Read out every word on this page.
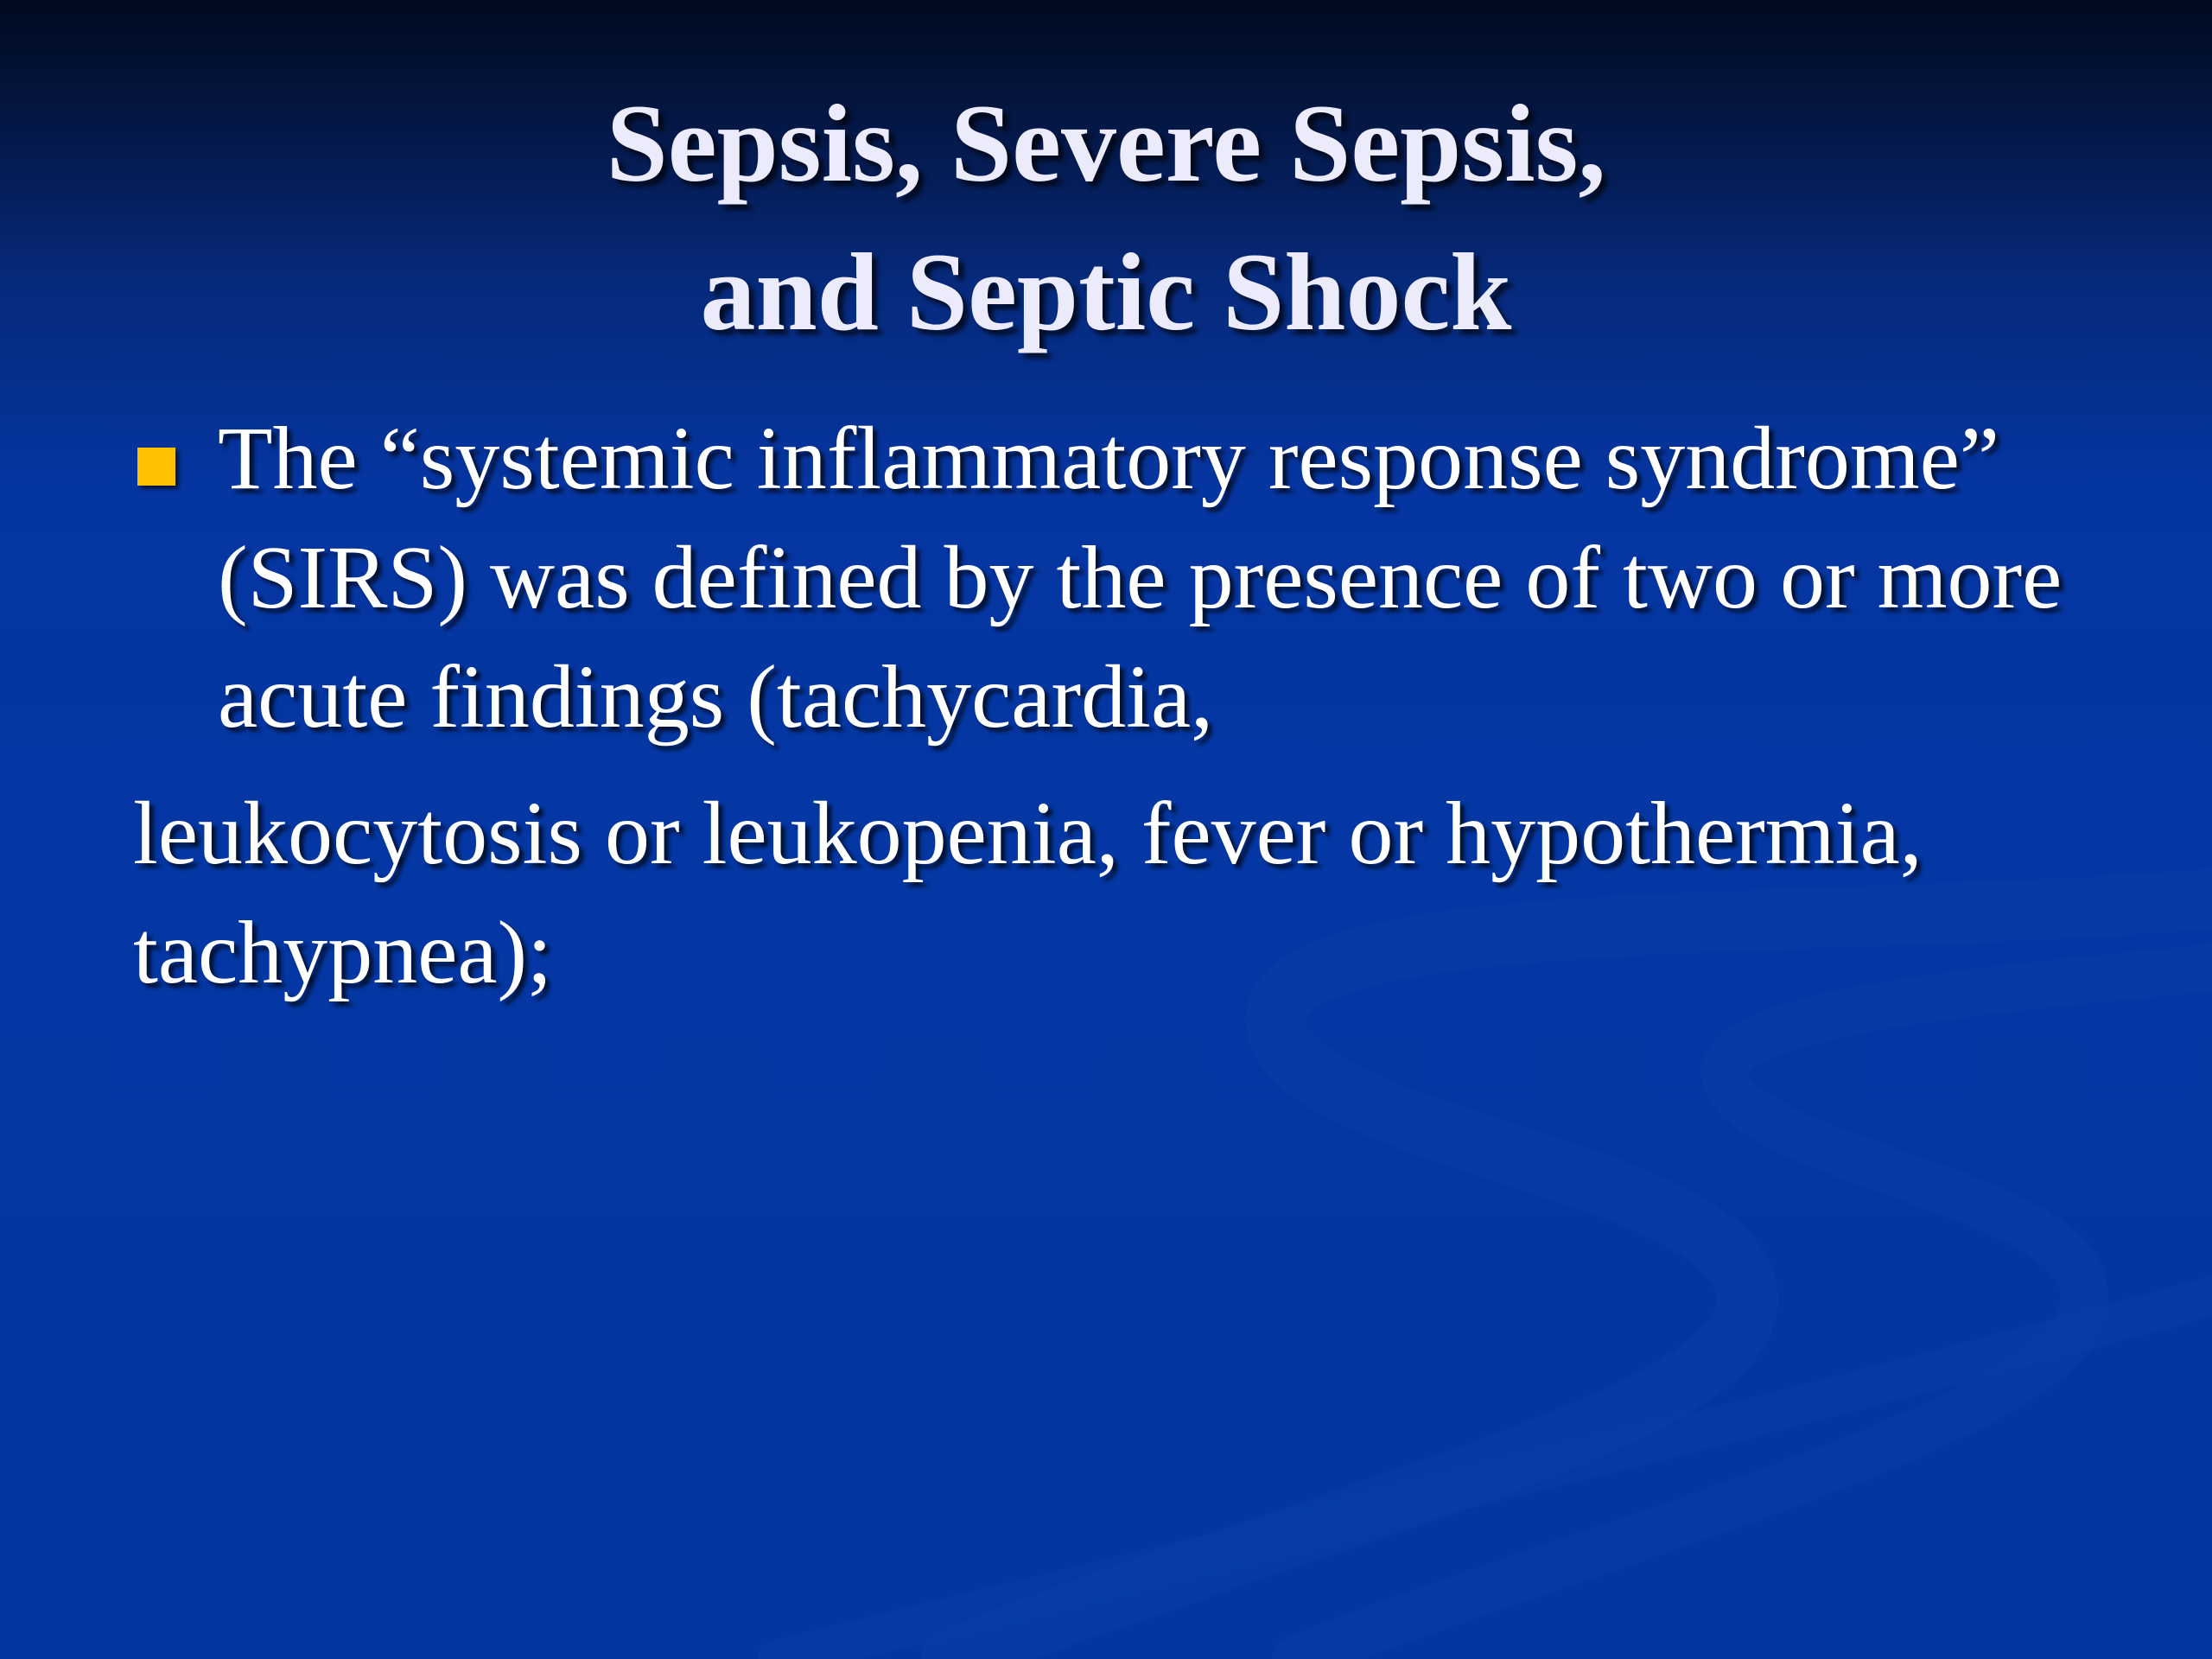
Sepsis, Severe Sepsis,
and Septic Shock
The “systemic inflammatory response syndrome” (SIRS) was defined by the presence of two or more acute findings (tachycardia,
leukocytosis or leukopenia, fever or hypothermia, tachypnea);
